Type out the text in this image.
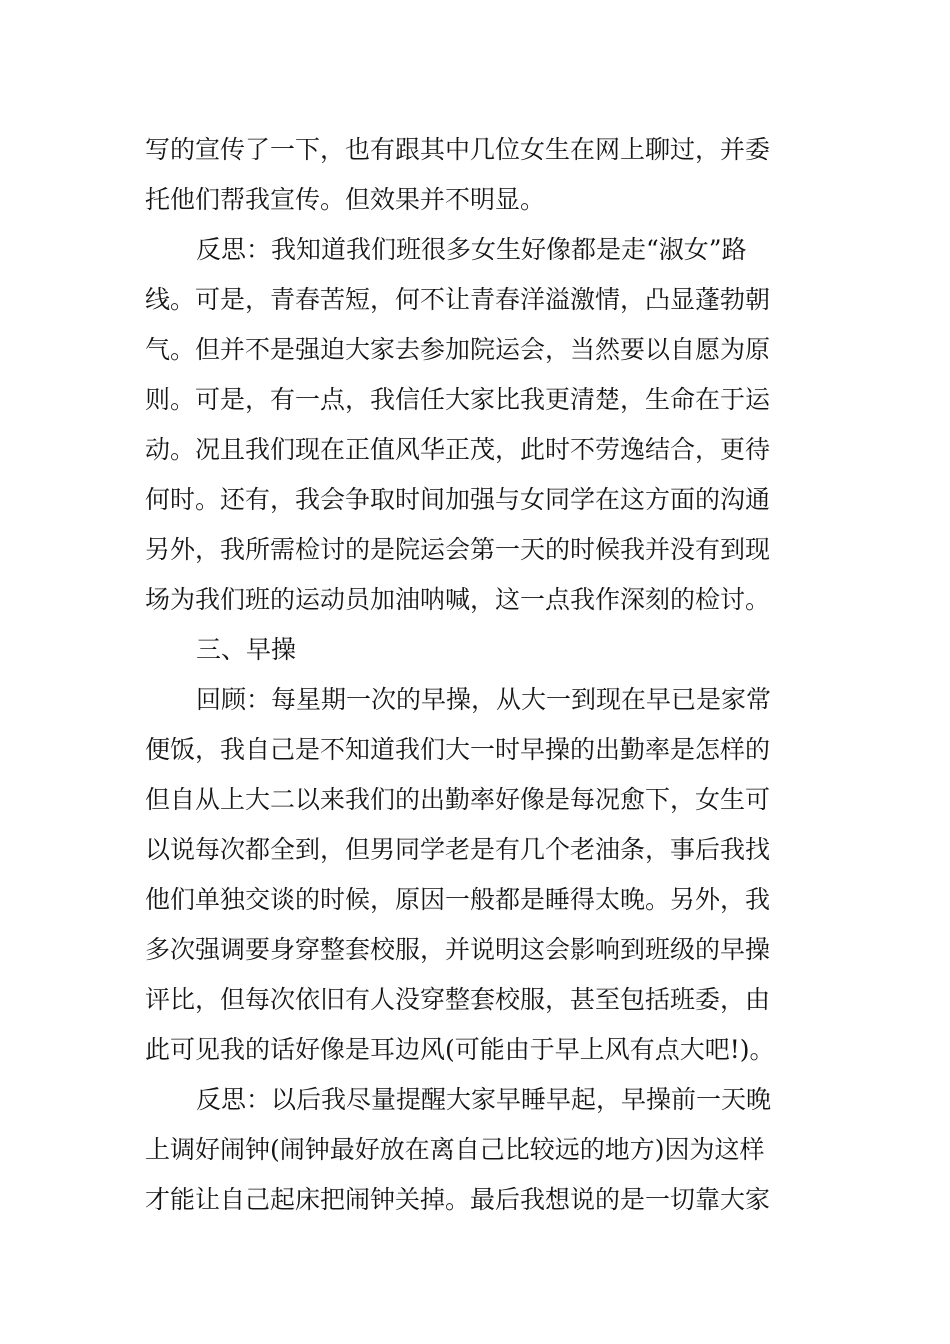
写的宣传了一下，也有跟其中几位女生在网上聊过，并委
托他们帮我宣传。但效果并不明显。
反思：我知道我们班很多女生好像都是走“淑女”路
线。可是，青春苦短，何不让青春洋溢激情，凸显蓬勃朝
气。但并不是强迫大家去参加院运会，当然要以自愿为原
则。可是，有一点，我信任大家比我更清楚，生命在于运
动。况且我们现在正值风华正茂，此时不劳逸结合，更待
何时。还有，我会争取时间加强与女同学在这方面的沟通
另外，我所需检讨的是院运会第一天的时候我并没有到现
场为我们班的运动员加油呐喊，这一点我作深刻的检讨。
三、早操
回顾：每星期一次的早操，从大一到现在早已是家常
便饭，我自己是不知道我们大一时早操的出勤率是怎样的
但自从上大二以来我们的出勤率好像是每况愈下，女生可
以说每次都全到，但男同学老是有几个老油条，事后我找
他们单独交谈的时候，原因一般都是睡得太晚。另外，我
多次强调要身穿整套校服，并说明这会影响到班级的早操
评比，但每次依旧有人没穿整套校服，甚至包括班委，由
此可见我的话好像是耳边风(可能由于早上风有点大吧!)。
反思：以后我尽量提醒大家早睡早起，早操前一天晚
上调好闹钟(闹钟最好放在离自己比较远的地方)因为这样
才能让自己起床把闹钟关掉。最后我想说的是一切靠大家
